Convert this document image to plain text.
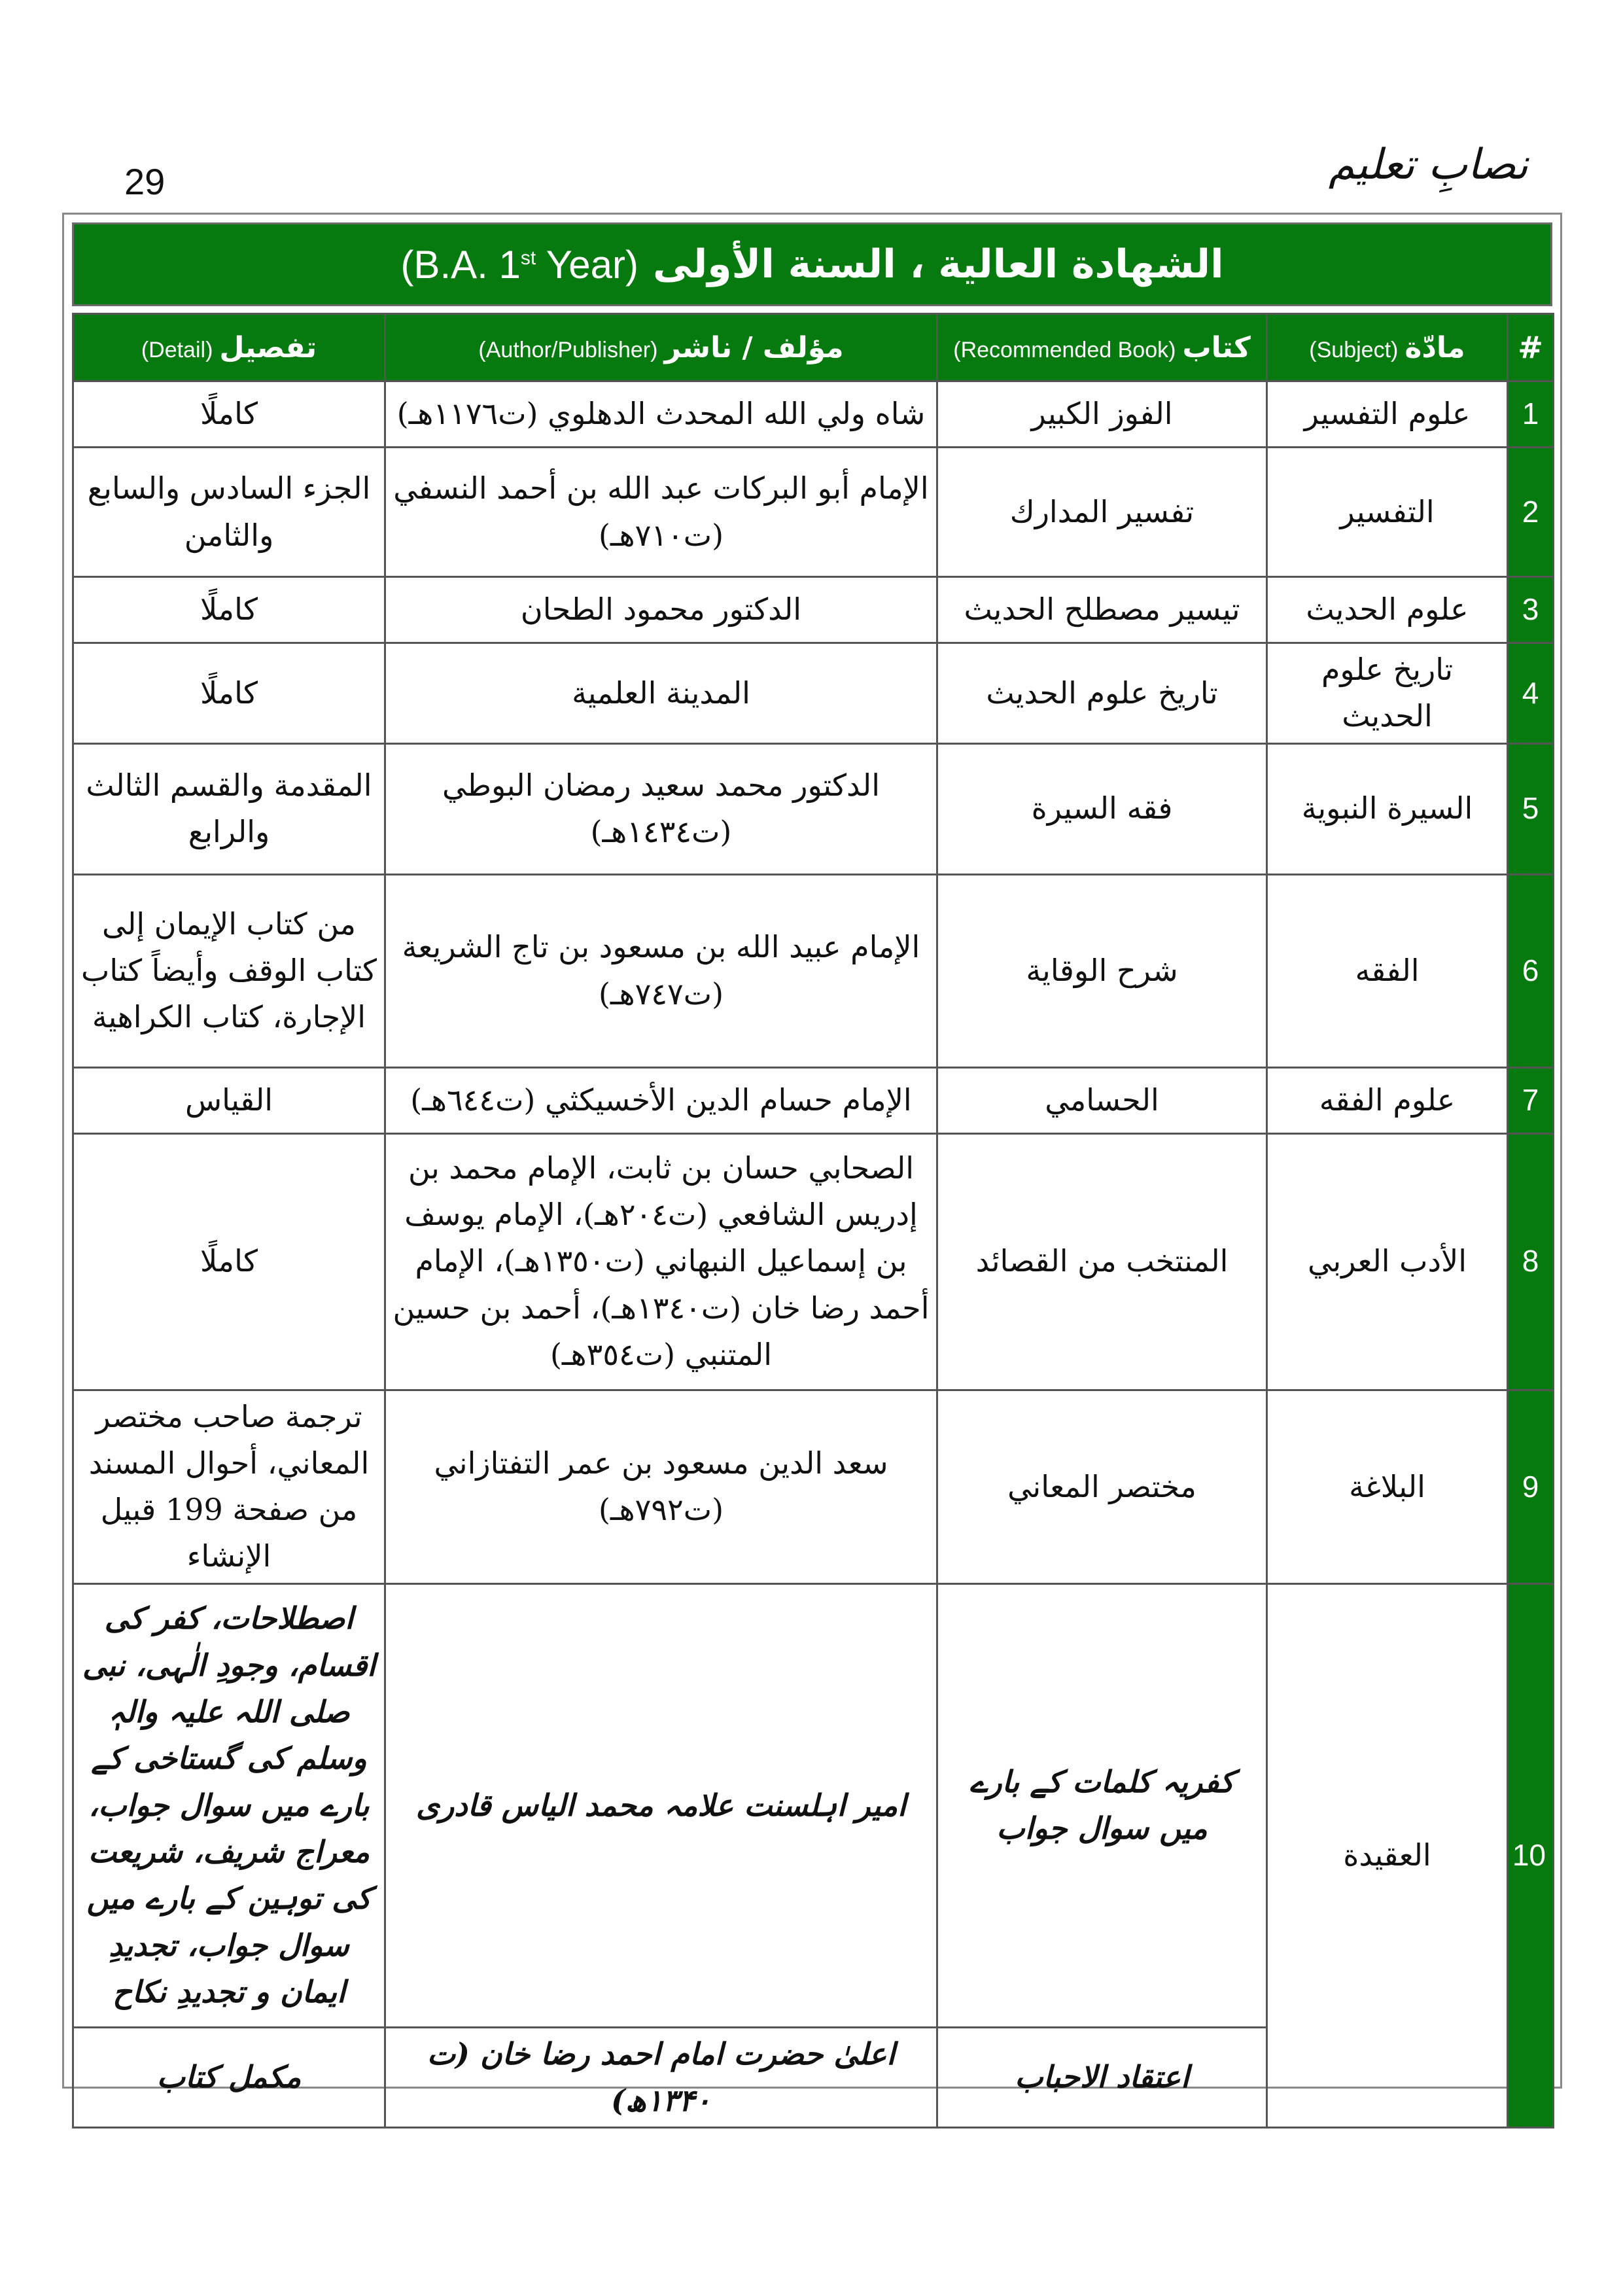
29	نصابِ تعلیم
الشهادة العالية ، السنة الأولى
(B.A. 1st Year)
#	مادّة(Subject)	كتاب(Recommended Book)	مؤلف / ناشر(Author/Publisher)	تفصيل(Detail)
1	علوم التفسير	الفوز الكبير	شاه ولي الله المحدث الدهلوي (ت١١٧٦هـ)	كاملًا
2	التفسير	تفسير المدارك	الإمام أبو البركات عبد الله بن أحمد النسفي (ت٧١٠هـ)	الجزء السادس والسابع والثامن
3	علوم الحديث	تيسير مصطلح الحديث	الدكتور محمود الطحان	كاملًا
4	تاريخ علوم الحديث	تاريخ علوم الحديث	المدينة العلمية	كاملًا
5	السيرة النبوية	فقه السيرة	الدكتور محمد سعيد رمضان البوطي (ت١٤٣٤هـ)	المقدمة والقسم الثالث والرابع
6	الفقه	شرح الوقاية	الإمام عبيد الله بن مسعود بن تاج الشريعة (ت٧٤٧هـ)	من كتاب الإيمان إلى كتاب الوقف وأيضاً كتاب الإجارة، كتاب الكراهية
7	علوم الفقه	الحسامي	الإمام حسام الدين الأخسيكثي (ت٦٤٤هـ)	القياس
8	الأدب العربي	المنتخب من القصائد	الصحابي حسان بن ثابت، الإمام محمد بن إدريس الشافعي (ت٢٠٤هـ)، الإمام يوسف بن إسماعيل النبهاني (ت١٣٥٠هـ)، الإمام أحمد رضا خان (ت١٣٤٠هـ)، أحمد بن حسين المتنبي (ت٣٥٤هـ)	كاملًا
9	البلاغة	مختصر المعاني	سعد الدين مسعود بن عمر التفتازاني (ت٧٩٢هـ)	ترجمة صاحب مختصر المعاني، أحوال المسند من صفحة 199 قبيل الإنشاء
10	العقيدة	کفریہ کلمات کے بارے میں سوال جواب	امیر اہلسنت علامہ محمد الیاس قادری	اصطلاحات، کفر کی اقسام، وجودِ الٰہی، نبی صلی اللہ علیہ والہٖ وسلم کی گستاخی کے بارے میں سوال جواب، معراج شریف، شریعت کی توہین کے بارے میں سوال جواب، تجدیدِ ایمان و تجدیدِ نکاح
		اعتقاد الاحباب	اعلیٰ حضرت امام احمد رضا خان (ت ۱۳۴۰ھ)	مکمل کتاب
